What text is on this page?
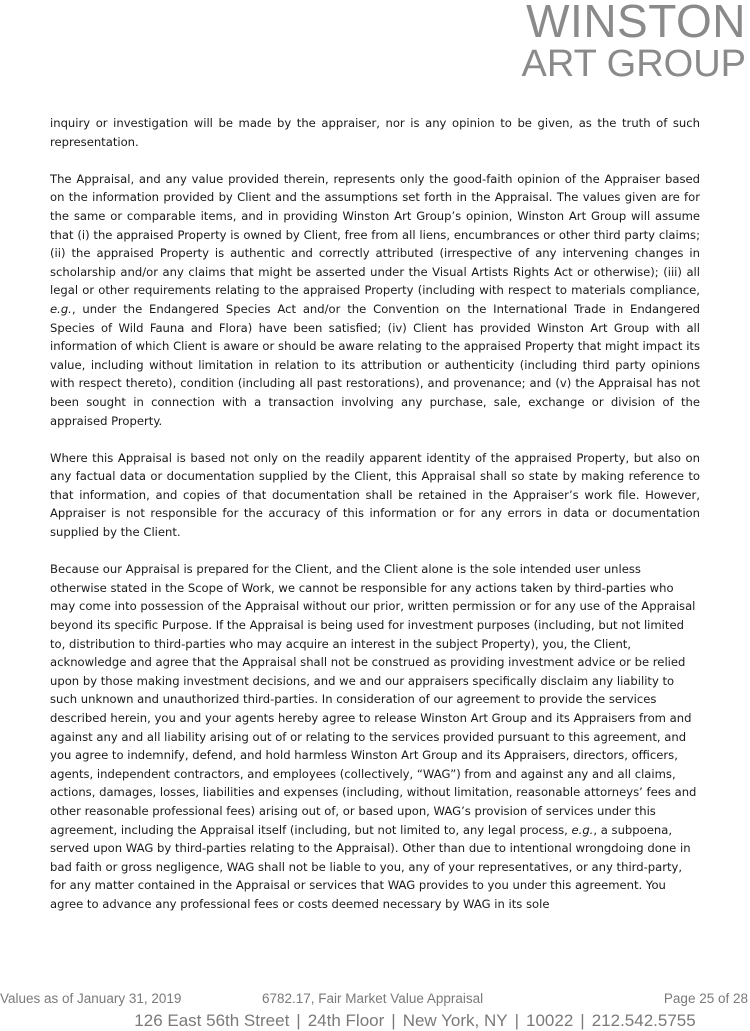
WINSTON
ART GROUP

inquiry or investigation will be made by the appraiser, nor is any opinion to be given, as the truth of such representation.

The Appraisal, and any value provided therein, represents only the good-faith opinion of the Appraiser based on the information provided by Client and the assumptions set forth in the Appraisal. The values given are for the same or comparable items, and in providing Winston Art Group’s opinion, Winston Art Group will assume that (i) the appraised Property is owned by Client, free from all liens, encumbrances or other third party claims; (ii) the appraised Property is authentic and correctly attributed (irrespective of any intervening changes in scholarship and/or any claims that might be asserted under the Visual Artists Rights Act or otherwise); (iii) all legal or other requirements relating to the appraised Property (including with respect to materials compliance, e.g., under the Endangered Species Act and/or the Convention on the International Trade in Endangered Species of Wild Fauna and Flora) have been satisfied; (iv) Client has provided Winston Art Group with all information of which Client is aware or should be aware relating to the appraised Property that might impact its value, including without limitation in relation to its attribution or authenticity (including third party opinions with respect thereto), condition (including all past restorations), and provenance; and (v) the Appraisal has not been sought in connection with a transaction involving any purchase, sale, exchange or division of the appraised Property.

Where this Appraisal is based not only on the readily apparent identity of the appraised Property, but also on any factual data or documentation supplied by the Client, this Appraisal shall so state by making reference to that information, and copies of that documentation shall be retained in the Appraiser’s work file. However, Appraiser is not responsible for the accuracy of this information or for any errors in data or documentation supplied by the Client.

Because our Appraisal is prepared for the Client, and the Client alone is the sole intended user unless otherwise stated in the Scope of Work, we cannot be responsible for any actions taken by third-parties who may come into possession of the Appraisal without our prior, written permission or for any use of the Appraisal beyond its specific Purpose. If the Appraisal is being used for investment purposes (including, but not limited to, distribution to third-parties who may acquire an interest in the subject Property), you, the Client, acknowledge and agree that the Appraisal shall not be construed as providing investment advice or be relied upon by those making investment decisions, and we and our appraisers specifically disclaim any liability to such unknown and unauthorized third-parties. In consideration of our agreement to provide the services described herein, you and your agents hereby agree to release Winston Art Group and its Appraisers from and against any and all liability arising out of or relating to the services provided pursuant to this agreement, and you agree to indemnify, defend, and hold harmless Winston Art Group and its Appraisers, directors, officers, agents, independent contractors, and employees (collectively, “WAG”) from and against any and all claims, actions, damages, losses, liabilities and expenses (including, without limitation, reasonable attorneys’ fees and other reasonable professional fees) arising out of, or based upon, WAG’s provision of services under this agreement, including the Appraisal itself (including, but not limited to, any legal process, e.g., a subpoena, served upon WAG by third-parties relating to the Appraisal). Other than due to intentional wrongdoing done in bad faith or gross negligence, WAG shall not be liable to you, any of your representatives, or any third-party, for any matter contained in the Appraisal or services that WAG provides to you under this agreement. You agree to advance any professional fees or costs deemed necessary by WAG in its sole

Values as of January 31, 2019	6782.17, Fair Market Value Appraisal	Page 25 of 28
126 East 56th Street | 24th Floor | New York, NY | 10022 | 212.542.5755
